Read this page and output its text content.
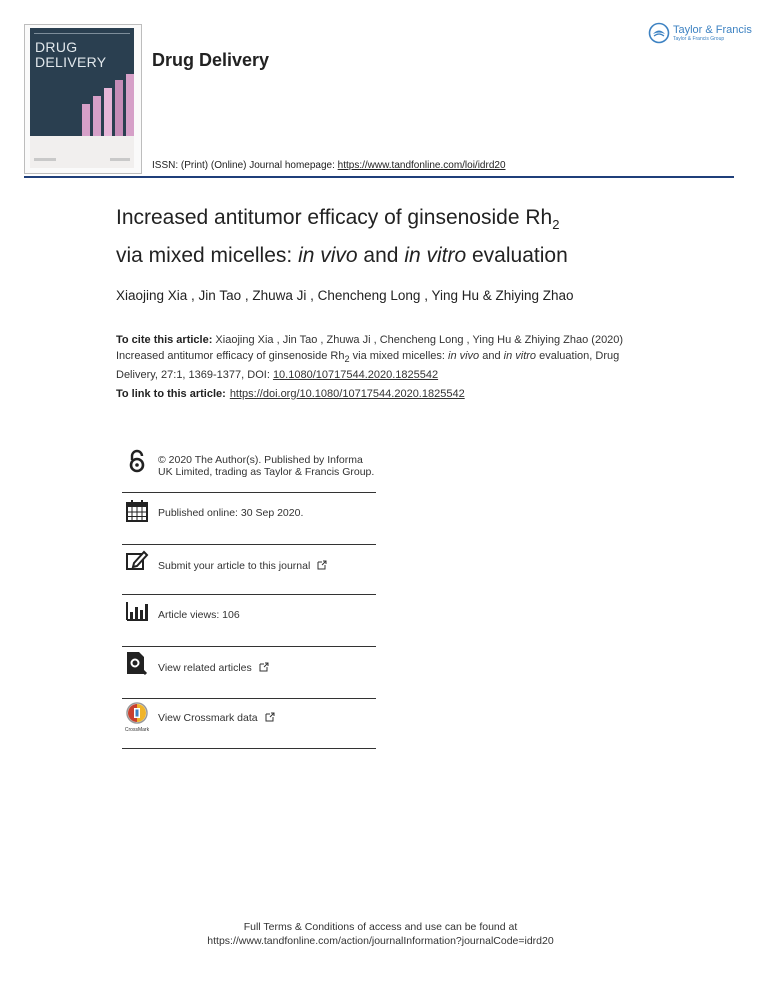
DRUG
DELIVERY	Drug Delivery
ISSN: (Print) (Online) Journal homepage: https://www.tandfonline.com/loi/idrd20
Taylor & Francis
Taylor & Francis Group
Increased antitumor efficacy of ginsenoside $Rh_2$
via mixed micelles: in vivo and in vitro evaluation
Xiaojing Xia , Jin Tao , Zhuwa Ji , Chencheng Long , Ying Hu & Zhiying Zhao
To cite this article: Xiaojing Xia , Jin Tao , Zhuwa Ji , Chencheng Long , Ying Hu & Zhiying Zhao (2020) Increased antitumor efficacy of ginsenoside $Rh_2$ via mixed micelles: in vivo and in vitro evaluation, Drug Delivery, 27:1, 1369-1377, DOI: 10.1080/10717544.2020.1825542
To link to this article: https://doi.org/10.1080/10717544.2020.1825542
© 2020 The Author(s). Published by Informa UK Limited, trading as Taylor & Francis Group.
Published online: 30 Sep 2020.
Submit your article to this journal
Article views: 106
View related articles
CrossMark
View Crossmark data
Full Terms & Conditions of access and use can be found at
https://www.tandfonline.com/action/journalInformation?journalCode=idrd20
